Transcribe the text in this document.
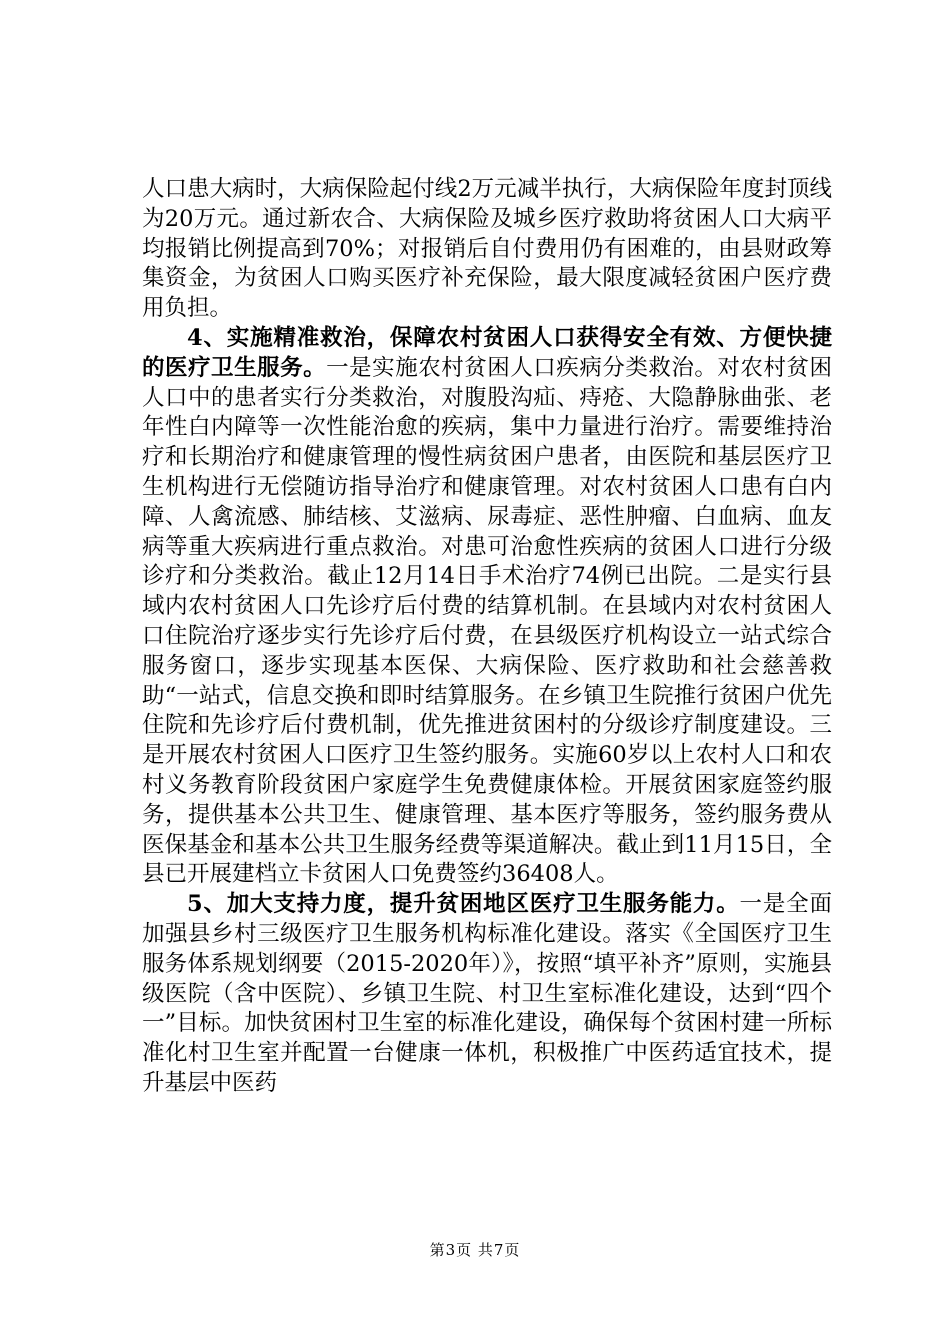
人口患大病时，大病保险起付线2万元减半执行，大病保险年度封顶线为20万元。通过新农合、大病保险及城乡医疗救助将贫困人口大病平均报销比例提高到70%；对报销后自付费用仍有困难的，由县财政筹集资金，为贫困人口购买医疗补充保险，最大限度减轻贫困户医疗费用负担。

4、实施精准救治，保障农村贫困人口获得安全有效、方便快捷的医疗卫生服务。一是实施农村贫困人口疾病分类救治。对农村贫困人口中的患者实行分类救治，对腹股沟疝、痔疮、大隐静脉曲张、老年性白内障等一次性能治愈的疾病，集中力量进行治疗。需要维持治疗和长期治疗和健康管理的慢性病贫困户患者，由医院和基层医疗卫生机构进行无偿随访指导治疗和健康管理。对农村贫困人口患有白内障、人禽流感、肺结核、艾滋病、尿毒症、恶性肿瘤、白血病、血友病等重大疾病进行重点救治。对患可治愈性疾病的贫困人口进行分级诊疗和分类救治。截止12月14日手术治疗74例已出院。二是实行县域内农村贫困人口先诊疗后付费的结算机制。在县域内对农村贫困人口住院治疗逐步实行先诊疗后付费，在县级医疗机构设立一站式综合服务窗口，逐步实现基本医保、大病保险、医疗救助和社会慈善救助“一站式，信息交换和即时结算服务。在乡镇卫生院推行贫困户优先住院和先诊疗后付费机制，优先推进贫困村的分级诊疗制度建设。三是开展农村贫困人口医疗卫生签约服务。实施60岁以上农村人口和农村义务教育阶段贫困户家庭学生免费健康体检。开展贫困家庭签约服务，提供基本公共卫生、健康管理、基本医疗等服务，签约服务费从医保基金和基本公共卫生服务经费等渠道解决。截止到11月15日，全县已开展建档立卡贫困人口免费签约36408人。

5、加大支持力度，提升贫困地区医疗卫生服务能力。一是全面加强县乡村三级医疗卫生服务机构标准化建设。落实《全国医疗卫生服务体系规划纲要（2015-2020年）》，按照“填平补齐”原则，实施县级医院（含中医院）、乡镇卫生院、村卫生室标准化建设，达到“四个一”目标。加快贫困村卫生室的标准化建设，确保每个贫困村建一所标准化村卫生室并配置一台健康一体机，积极推广中医药适宜技术，提升基层中医药

第3页 共7页
